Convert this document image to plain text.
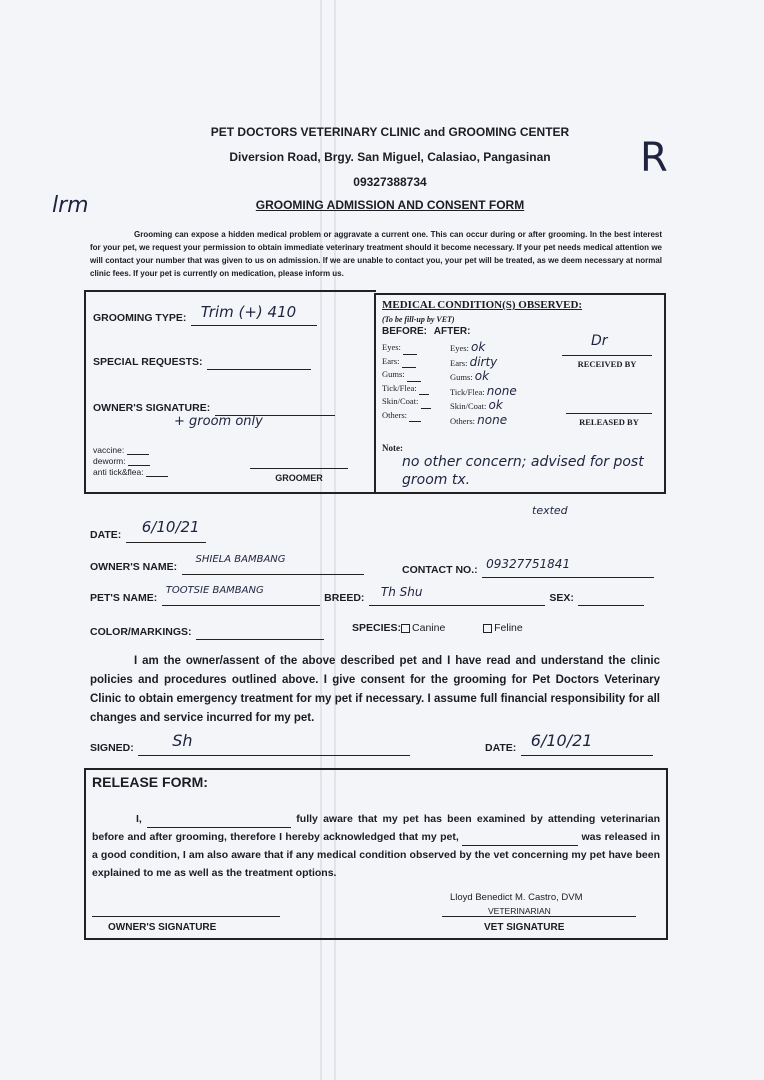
PET DOCTORS VETERINARY CLINIC and GROOMING CENTER
Diversion Road, Brgy. San Miguel, Calasiao, Pangasinan
09327388734
GROOMING ADMISSION AND CONSENT FORM
lrm
R
Grooming can expose a hidden medical problem or aggravate a current one. This can occur during or after grooming. In the best interest for your pet, we request your permission to obtain immediate veterinary treatment should it become necessary. If your pet needs medical attention we will contact your number that was given to us on admission. If we are unable to contact you, your pet will be treated, as we deem necessary at normal clinic fees. If your pet is currently on medication, please inform us.
GROOMING TYPE: Trim (+) 410
SPECIAL REQUESTS:
OWNER'S SIGNATURE:
+ groom only
vaccine:
deworm:
anti tick&flea:
GROOMER
MEDICAL CONDITION(S) OBSERVED:
(To be fill-up by VET)
BEFORE: AFTER:
Eyes:
Ears:
Gums:
Tick/Flea:
Skin/Coat:
Others:
Eyes: ok
Ears: dirty
Gums: ok
Tick/Flea: none
Skin/Coat: ok
Others: none
Dr
RECEIVED BY
RELEASED BY
Note:
no other concern; advised for post groom tx.
texted
DATE: 6/10/21
OWNER'S NAME:
SHIELA BAMBANG
CONTACT NO.: 09327751841
PET'S NAME:
TOOTSIE BAMBANG
BREED: Th Shu	SEX:
COLOR/MARKINGS:	SPECIES: Canine	Feline
I am the owner/assent of the above described pet and I have read and understand the clinic policies and procedures outlined above. I give consent for the grooming for Pet Doctors Veterinary Clinic to obtain emergency treatment for my pet if necessary. I assume full financial responsibility for all changes and service incurred for my pet.
SIGNED: Sh	DATE: 6/10/21
RELEASE FORM:
I,	fully aware that my pet has been examined by attending veterinarian before and after grooming, therefore I hereby acknowledged that my pet,	was released in a good condition, I am also aware that if any medical condition observed by the vet concerning my pet have been explained to me as well as the treatment options.
Lloyd Benedict M. Castro, DVM
VETERINARIAN
OWNER'S SIGNATURE	VET SIGNATURE
